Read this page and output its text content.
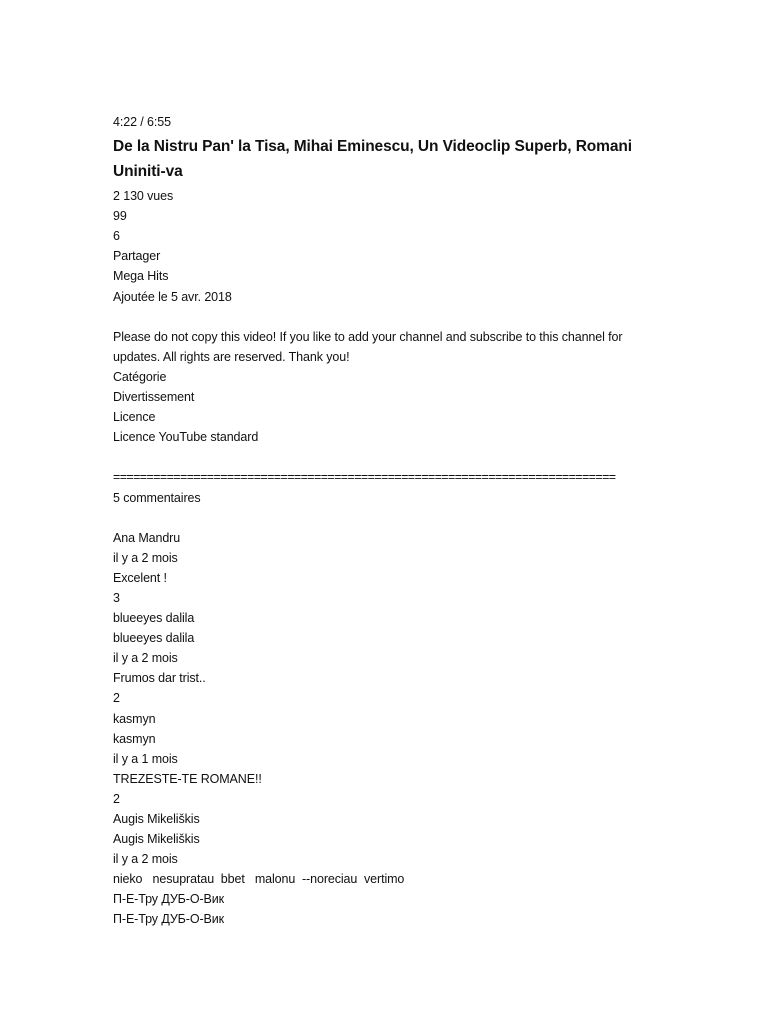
4:22 / 6:55
De la Nistru Pan' la Tisa, Mihai Eminescu, Un Videoclip Superb, Romani Uniniti-va
2 130 vues
99
6
Partager
Mega Hits
Ajoutée le 5 avr. 2018
Please do not copy this video! If you like to add your channel and subscribe to this channel for updates. All rights are reserved. Thank you!
Catégorie
Divertissement
Licence
Licence YouTube standard
===========================================================================
5 commentaires
Ana Mandru
il y a 2 mois
Excelent !
3
blueeyes dalila
blueeyes dalila
il y a 2 mois
Frumos dar trist..
2
kasmyn
kasmyn
il y a 1 mois
TREZESTE-TE ROMANE!!
2
Augis Mikeliškis
Augis Mikeliškis
il y a 2 mois
nieko   nesupratau  bbet   malonu  --noreciau  vertimo
П-Е-Тру ДУБ-О-Вик
П-Е-Тру ДУБ-О-Вик
